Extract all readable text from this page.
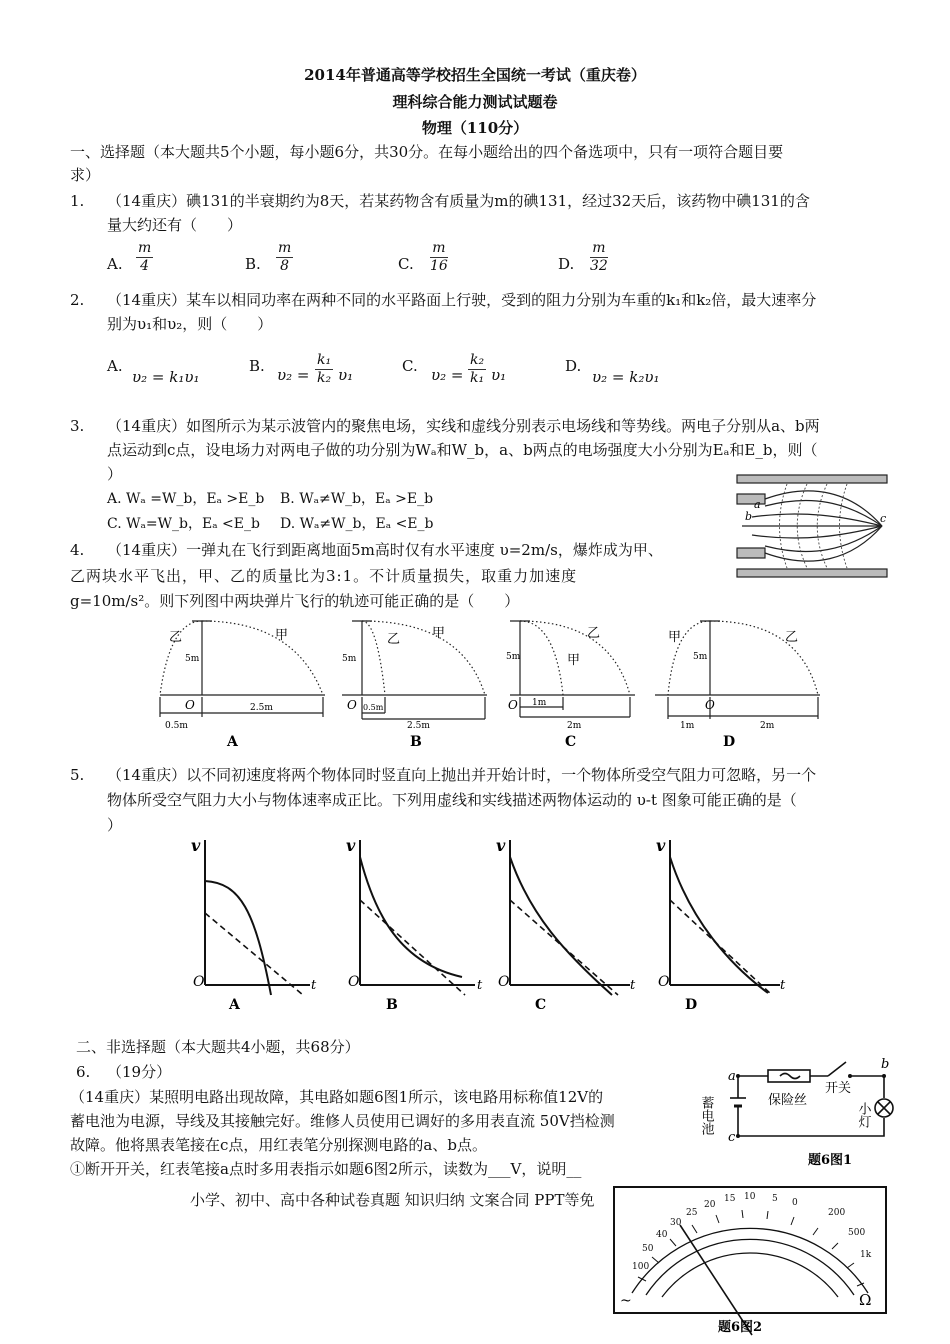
2014年普通高等学校招生全国统一考试（重庆卷）
理科综合能力测试试题卷
物理（110分）
一、选择题（本大题共5个小题，每小题6分，共30分。在每小题给出的四个备选项中，只有一项符合题目要
求）
1. （14重庆）碘131的半衰期约为8天，若某药物含有质量为m的碘131，经过32天后，该药物中碘131的含
量大约还有（　　）
A. $\frac{m}{4}$	B. $\frac{m}{8}$	C. $\frac{m}{16}$	D. $\frac{m}{32}$
2. （14重庆）某车以相同功率在两种不同的水平路面上行驶，受到的阻力分别为车重的k₁和k₂倍，最大速率分
别为υ₁和υ₂，则（　　）
A.
υ₂ = k₁υ₁
B. $\upsilon_2 = \frac{\text{k₁}}{\text{k₂}} \upsilon_1$	C. $\upsilon_2 = \frac{\text{k₂}}{\text{k₁}} \upsilon_1$	D.
υ₂ = k₂υ₁
3. （14重庆）如图所示为某示波管内的聚焦电场，实线和虚线分别表示电场线和等势线。两电子分别从a、b两
点运动到c点，设电场力对两电子做的功分别为Wₐ和W_b，a、b两点的电场强度大小分别为Eₐ和E_b，则（
）
A. Wₐ =W_b，Eₐ >E_b B. Wₐ≠W_b，Eₐ >E_b
C. Wₐ=W_b，Eₐ <E_b D. Wₐ≠W_b，Eₐ <E_b
a
b	c
4. （14重庆）一弹丸在飞行到距离地面5m高时仅有水平速度 υ=2m/s，爆炸成为甲、
乙两块水平飞出，甲、乙的质量比为3:1。不计质量损失，取重力加速度
g=10m/s²。则下列图中两块弹片飞行的轨迹可能正确的是（　　）
乙	甲
5m
O
0.5m
2.5m
A
乙 甲
5m
O 0.5m
2.5m
B
乙
甲
5m
O 1m
2m
C
甲	乙
5m
O
1m	2m
D
5. （14重庆）以不同初速度将两个物体同时竖直向上抛出并开始计时，一个物体所受空气阻力可忽略，另一个
物体所受空气阻力大小与物体速率成正比。下列用虚线和实线描述两物体运动的 υ-t 图象可能正确的是（
）
v
t
O
A
v
t
O
B
v
t
O
C
v
t
O
D
二、非选择题（本大题共4小题，共68分）
6. （19分）
（14重庆）某照明电路出现故障，其电路如题6图1所示，该电路用标称值12V的
蓄电池为电源，导线及其接触完好。维修人员使用已调好的多用表直流 50V挡检测
故障。他将黑表笔接在c点，用红表笔分别探测电路的a、b点。
①断开开关，红表笔接a点时多用表指示如题6图2所示，读数为___V，说明__
小学、初中、高中各种试卷真题 知识归纳 文案合同 PPT等免
a
b
c
蓄电池	保险丝
开关
小灯
题6图1
0
5
10
15
20
25
30
40
50
100
200
500
1k
Ω
~
题6图2
